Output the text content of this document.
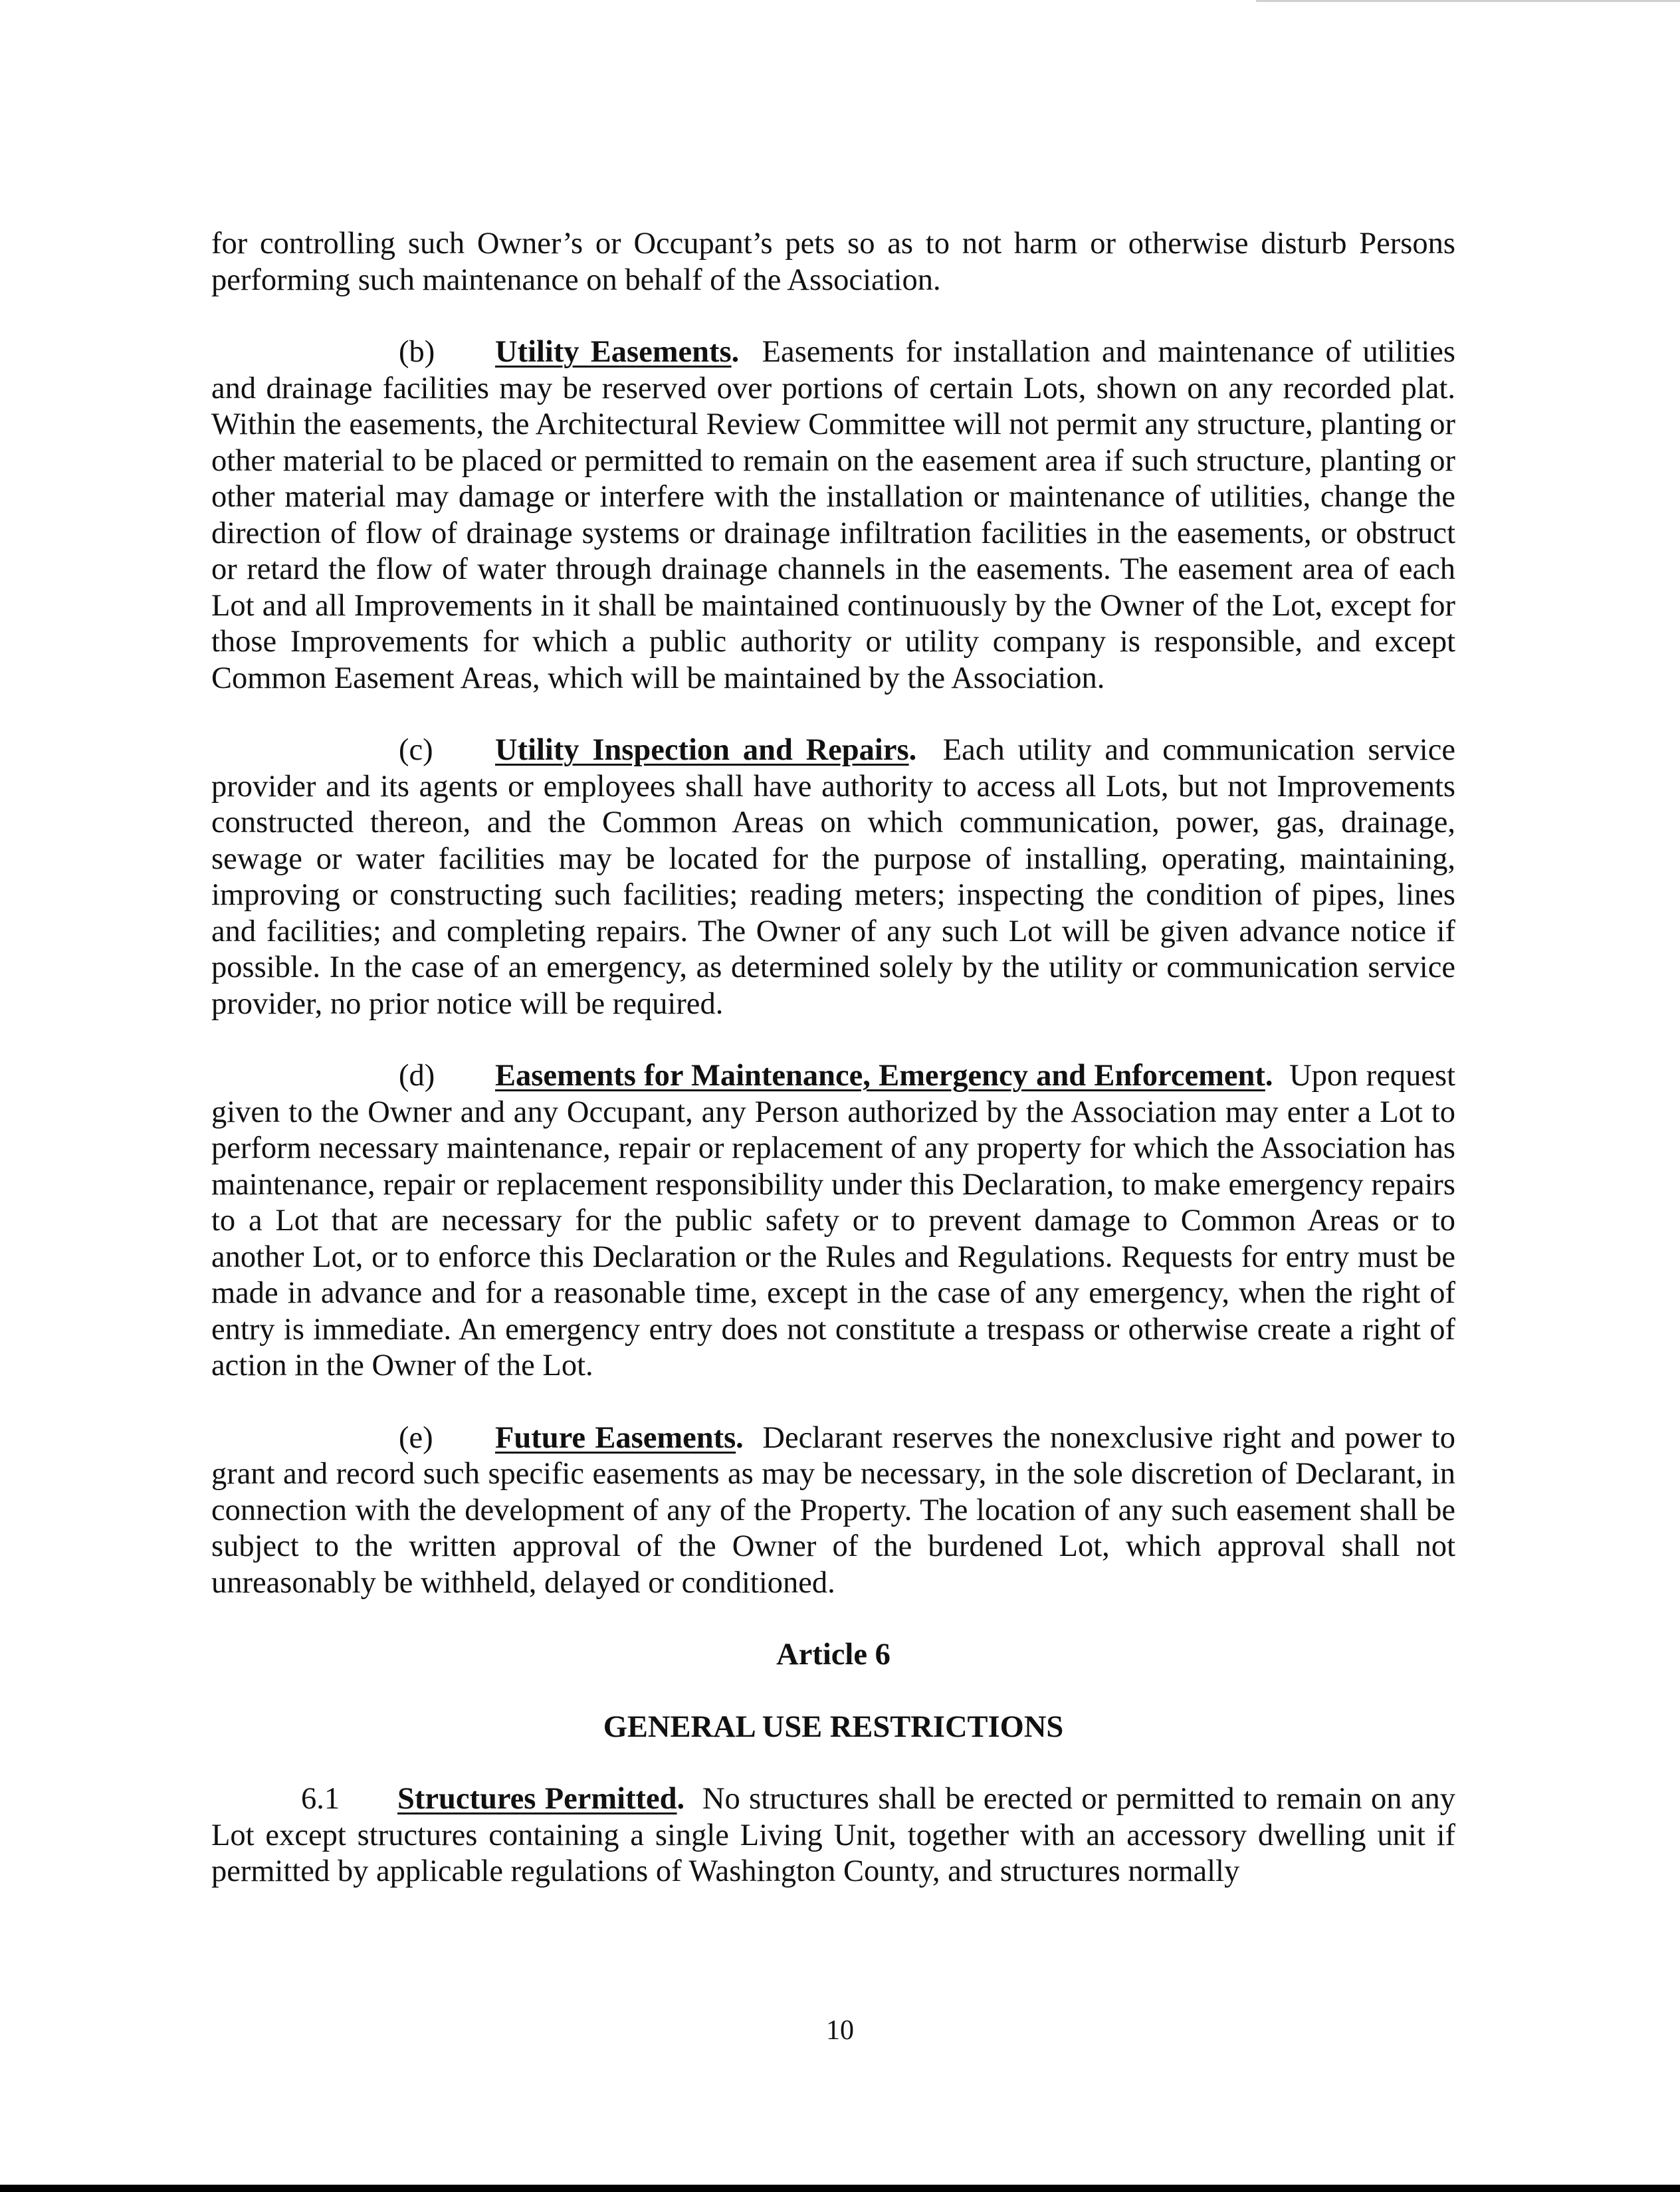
for controlling such Owner’s or Occupant’s pets so as to not harm or otherwise disturb Persons performing such maintenance on behalf of the Association.

(b) Utility Easements. Easements for installation and maintenance of utilities and drainage facilities may be reserved over portions of certain Lots, shown on any recorded plat. Within the easements, the Architectural Review Committee will not permit any structure, planting or other material to be placed or permitted to remain on the easement area if such structure, planting or other material may damage or interfere with the installation or maintenance of utilities, change the direction of flow of drainage systems or drainage infiltration facilities in the easements, or obstruct or retard the flow of water through drainage channels in the easements. The easement area of each Lot and all Improvements in it shall be maintained continuously by the Owner of the Lot, except for those Improvements for which a public authority or utility company is responsible, and except Common Easement Areas, which will be maintained by the Association.

(c) Utility Inspection and Repairs. Each utility and communication service provider and its agents or employees shall have authority to access all Lots, but not Improvements constructed thereon, and the Common Areas on which communication, power, gas, drainage, sewage or water facilities may be located for the purpose of installing, operating, maintaining, improving or constructing such facilities; reading meters; inspecting the condition of pipes, lines and facilities; and completing repairs. The Owner of any such Lot will be given advance notice if possible. In the case of an emergency, as determined solely by the utility or communication service provider, no prior notice will be required.

(d) Easements for Maintenance, Emergency and Enforcement. Upon request given to the Owner and any Occupant, any Person authorized by the Association may enter a Lot to perform necessary maintenance, repair or replacement of any property for which the Association has maintenance, repair or replacement responsibility under this Declaration, to make emergency repairs to a Lot that are necessary for the public safety or to prevent damage to Common Areas or to another Lot, or to enforce this Declaration or the Rules and Regulations. Requests for entry must be made in advance and for a reasonable time, except in the case of any emergency, when the right of entry is immediate. An emergency entry does not constitute a trespass or otherwise create a right of action in the Owner of the Lot.

(e) Future Easements. Declarant reserves the nonexclusive right and power to grant and record such specific easements as may be necessary, in the sole discretion of Declarant, in connection with the development of any of the Property. The location of any such easement shall be subject to the written approval of the Owner of the burdened Lot, which approval shall not unreasonably be withheld, delayed or conditioned.

Article 6

GENERAL USE RESTRICTIONS

6.1 Structures Permitted. No structures shall be erected or permitted to remain on any Lot except structures containing a single Living Unit, together with an accessory dwelling unit if permitted by applicable regulations of Washington County, and structures normally

10
